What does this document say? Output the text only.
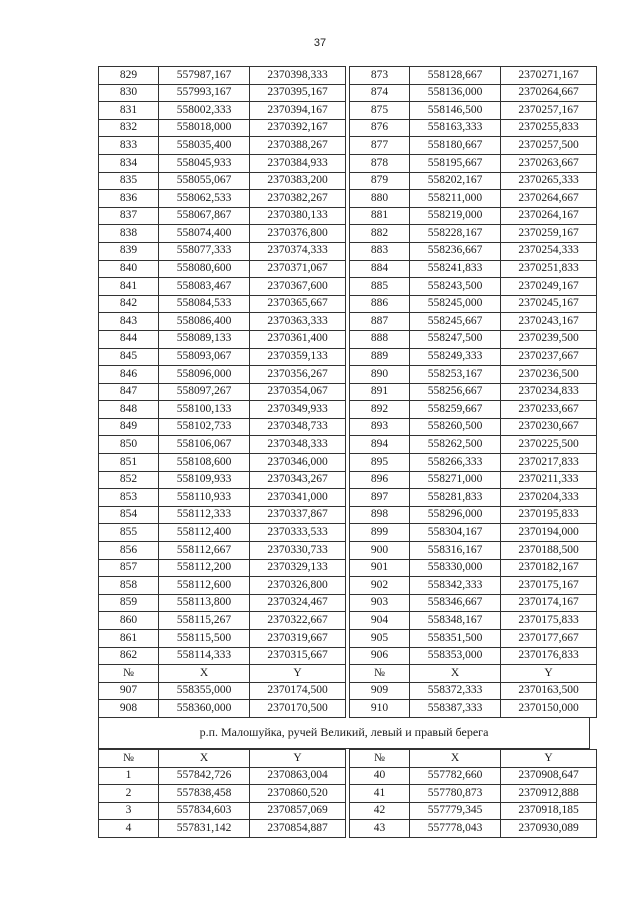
37
829	557987,167	2370398,333		873	558128,667	2370271,167
830	557993,167	2370395,167		874	558136,000	2370264,667
831	558002,333	2370394,167		875	558146,500	2370257,167
832	558018,000	2370392,167		876	558163,333	2370255,833
833	558035,400	2370388,267		877	558180,667	2370257,500
834	558045,933	2370384,933		878	558195,667	2370263,667
835	558055,067	2370383,200		879	558202,167	2370265,333
836	558062,533	2370382,267		880	558211,000	2370264,667
837	558067,867	2370380,133		881	558219,000	2370264,167
838	558074,400	2370376,800		882	558228,167	2370259,167
839	558077,333	2370374,333		883	558236,667	2370254,333
840	558080,600	2370371,067		884	558241,833	2370251,833
841	558083,467	2370367,600		885	558243,500	2370249,167
842	558084,533	2370365,667		886	558245,000	2370245,167
843	558086,400	2370363,333		887	558245,667	2370243,167
844	558089,133	2370361,400		888	558247,500	2370239,500
845	558093,067	2370359,133		889	558249,333	2370237,667
846	558096,000	2370356,267		890	558253,167	2370236,500
847	558097,267	2370354,067		891	558256,667	2370234,833
848	558100,133	2370349,933		892	558259,667	2370233,667
849	558102,733	2370348,733		893	558260,500	2370230,667
850	558106,067	2370348,333		894	558262,500	2370225,500
851	558108,600	2370346,000		895	558266,333	2370217,833
852	558109,933	2370343,267		896	558271,000	2370211,333
853	558110,933	2370341,000		897	558281,833	2370204,333
854	558112,333	2370337,867		898	558296,000	2370195,833
855	558112,400	2370333,533		899	558304,167	2370194,000
856	558112,667	2370330,733		900	558316,167	2370188,500
857	558112,200	2370329,133		901	558330,000	2370182,167
858	558112,600	2370326,800		902	558342,333	2370175,167
859	558113,800	2370324,467		903	558346,667	2370174,167
860	558115,267	2370322,667		904	558348,167	2370175,833
861	558115,500	2370319,667		905	558351,500	2370177,667
862	558114,333	2370315,667		906	558353,000	2370176,833
№	X	Y		№	X	Y
907	558355,000	2370174,500		909	558372,333	2370163,500
908	558360,000	2370170,500		910	558387,333	2370150,000
р.п. Малошуйка, ручей Великий, левый и правый берега
№	X	Y		№	X	Y
1	557842,726	2370863,004		40	557782,660	2370908,647
2	557838,458	2370860,520		41	557780,873	2370912,888
3	557834,603	2370857,069		42	557779,345	2370918,185
4	557831,142	2370854,887		43	557778,043	2370930,089
